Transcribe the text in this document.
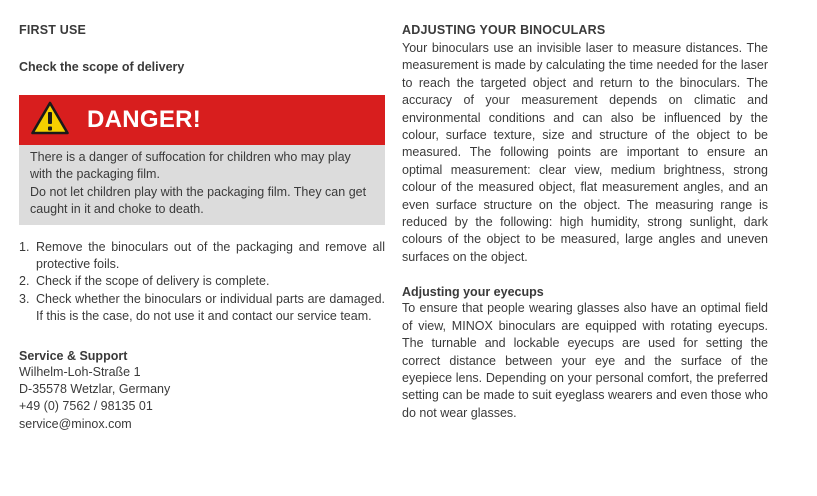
FIRST USE

Check the scope of delivery

DANGER!

There is a danger of suffocation for children who may play with the packaging film.

Do not let children play with the packaging film. They can get caught in it and choke to death.

1. Remove the binoculars out of the packaging and remove all protective foils.
2. Check if the scope of delivery is complete.
3. Check whether the binoculars or individual parts are damaged. If this is the case, do not use it and contact our service team.

Service & Support

Wilhelm-Loh-Straße 1

D-35578 Wetzlar, Germany

+49 (0) 7562 / 98135 01

service@minox.com

ADJUSTING YOUR BINOCULARS

Your binoculars use an invisible laser to measure distances. The measurement is made by calculating the time needed for the laser to reach the targeted object and return to the binoculars. The accuracy of your measurement depends on climatic and environmental conditions and can also be influenced by the colour, surface texture, size and structure of the object to be measured. The following points are important to ensure an optimal measurement: clear view, medium brightness, strong colour of the measured object, flat measurement angles, and an even surface structure on the object. The measuring range is reduced by the following: high humidity, strong sunlight, dark colours of the object to be measured, large angles and uneven surfaces on the object.

Adjusting your eyecups

To ensure that people wearing glasses also have an optimal field of view, MINOX binoculars are equipped with rotating eyecups. The turnable and lockable eyecups are used for setting the correct distance between your eye and the surface of the eyepiece lens. Depending on your personal comfort, the preferred setting can be made to suit eyeglass wearers and even those who do not wear glasses.
